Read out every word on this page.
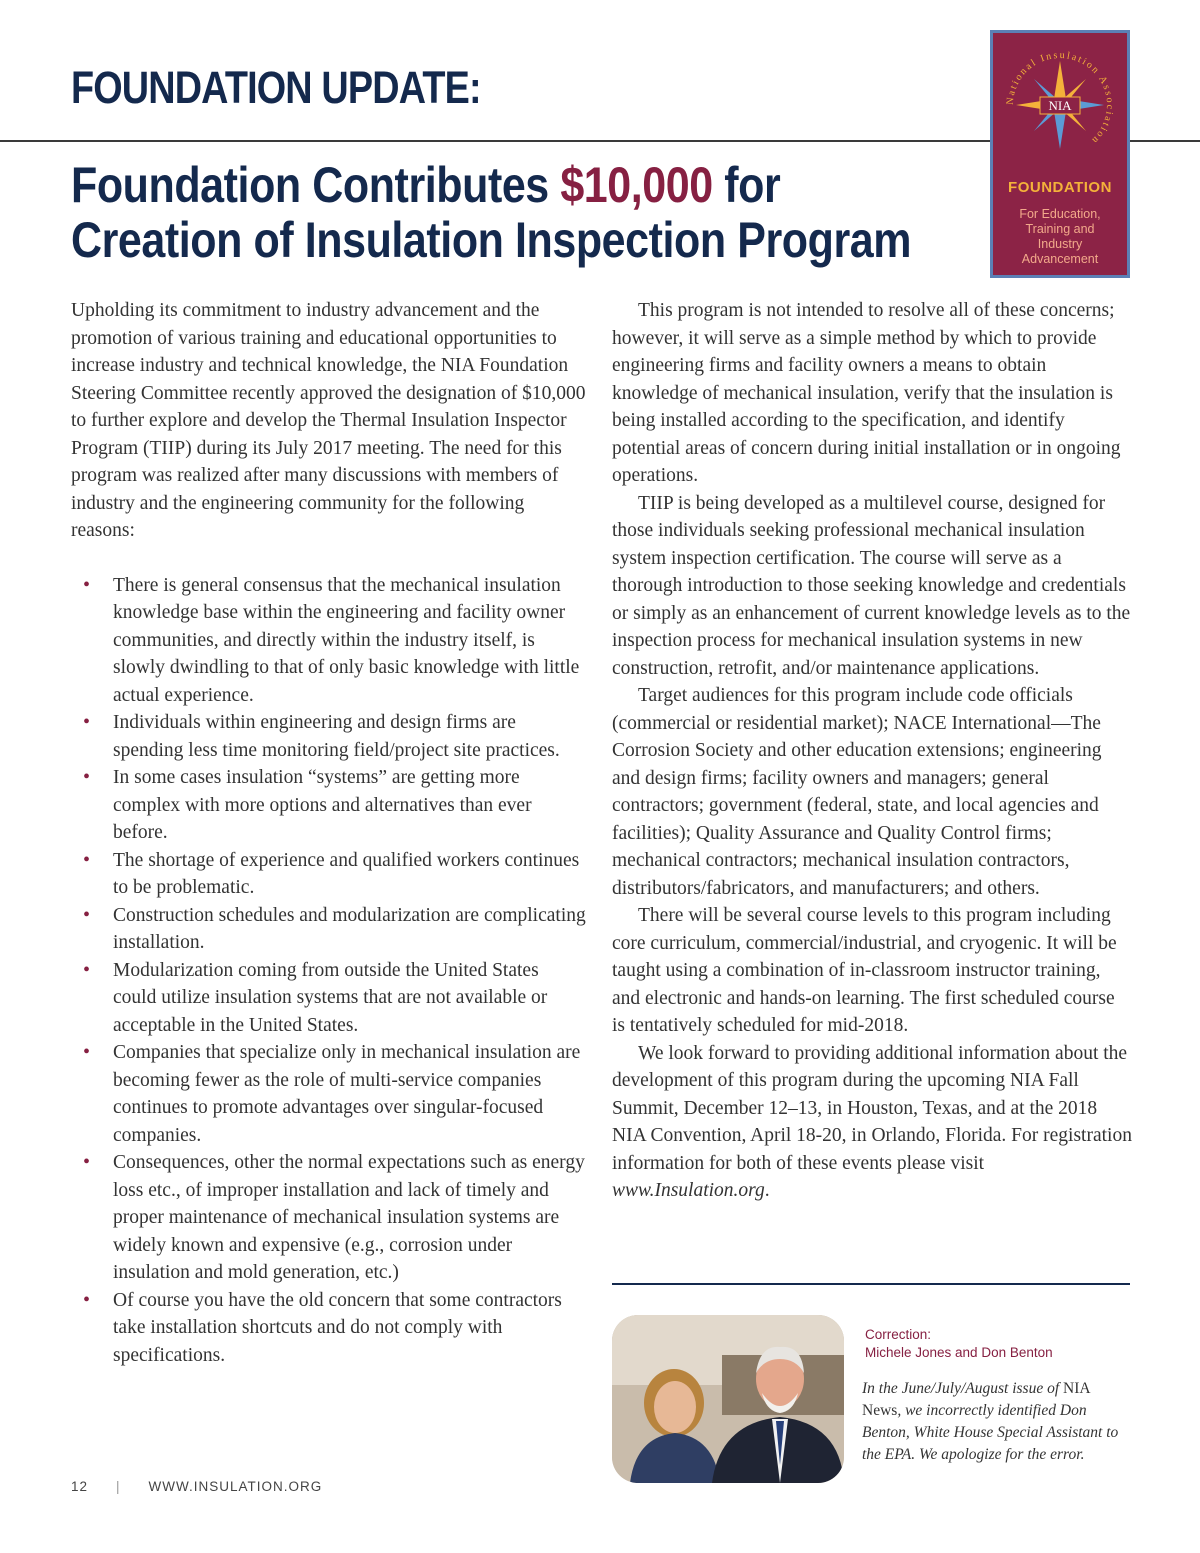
FOUNDATION UPDATE:	National Insulation Association
NIA
FOUNDATION
For Education, Training and Industry Advancement
Foundation Contributes $10,000 for
Creation of Insulation Inspection Program

Upholding its commitment to industry advancement and the promotion of various training and educational opportunities to increase industry and technical knowledge, the NIA Foundation Steering Committee recently approved the designation of $10,000 to further explore and develop the Thermal Insulation Inspector Program (TIIP) during its July 2017 meeting. The need for this program was realized after many discussions with members of industry and the engineering community for the following reasons:

• There is general consensus that the mechanical insulation knowledge base within the engineering and facility owner communities, and directly within the industry itself, is slowly dwindling to that of only basic knowledge with little actual experience.
• Individuals within engineering and design firms are spending less time monitoring field/project site practices.
• In some cases insulation “systems” are getting more complex with more options and alternatives than ever before.
• The shortage of experience and qualified workers continues to be problematic.
• Construction schedules and modularization are complicating installation.
• Modularization coming from outside the United States could utilize insulation systems that are not available or acceptable in the United States.
• Companies that specialize only in mechanical insulation are becoming fewer as the role of multi-service companies continues to promote advantages over singular-focused companies.
• Consequences, other the normal expectations such as energy loss etc., of improper installation and lack of timely and proper maintenance of mechanical insulation systems are widely known and expensive (e.g., corrosion under insulation and mold generation, etc.)
• Of course you have the old concern that some contractors take installation shortcuts and do not comply with specifications.

This program is not intended to resolve all of these concerns; however, it will serve as a simple method by which to provide engineering firms and facility owners a means to obtain knowledge of mechanical insulation, verify that the insulation is being installed according to the specification, and identify potential areas of concern during initial installation or in ongoing operations.

TIIP is being developed as a multilevel course, designed for those individuals seeking professional mechanical insulation system inspection certification. The course will serve as a thorough introduction to those seeking knowledge and credentials or simply as an enhancement of current knowledge levels as to the inspection process for mechanical insulation systems in new construction, retrofit, and/or maintenance applications.

Target audiences for this program include code officials (commercial or residential market); NACE International—The Corrosion Society and other education extensions; engineering and design firms; facility owners and managers; general contractors; government (federal, state, and local agencies and facilities); Quality Assurance and Quality Control firms; mechanical contractors; mechanical insulation contractors, distributors/fabricators, and manufacturers; and others.

There will be several course levels to this program including core curriculum, commercial/industrial, and cryogenic. It will be taught using a combination of in-classroom instructor training, and electronic and hands-on learning. The first scheduled course is tentatively scheduled for mid-2018.

We look forward to providing additional information about the development of this program during the upcoming NIA Fall Summit, December 12–13, in Houston, Texas, and at the 2018 NIA Convention, April 18-20, in Orlando, Florida. For registration information for both of these events please visit www.Insulation.org.

Correction:
Michele Jones and Don Benton
In the June/July/August issue of NIA News, we incorrectly identified Don Benton, White House Special Assistant to the EPA. We apologize for the error.
12 | WWW.INSULATION.ORG
